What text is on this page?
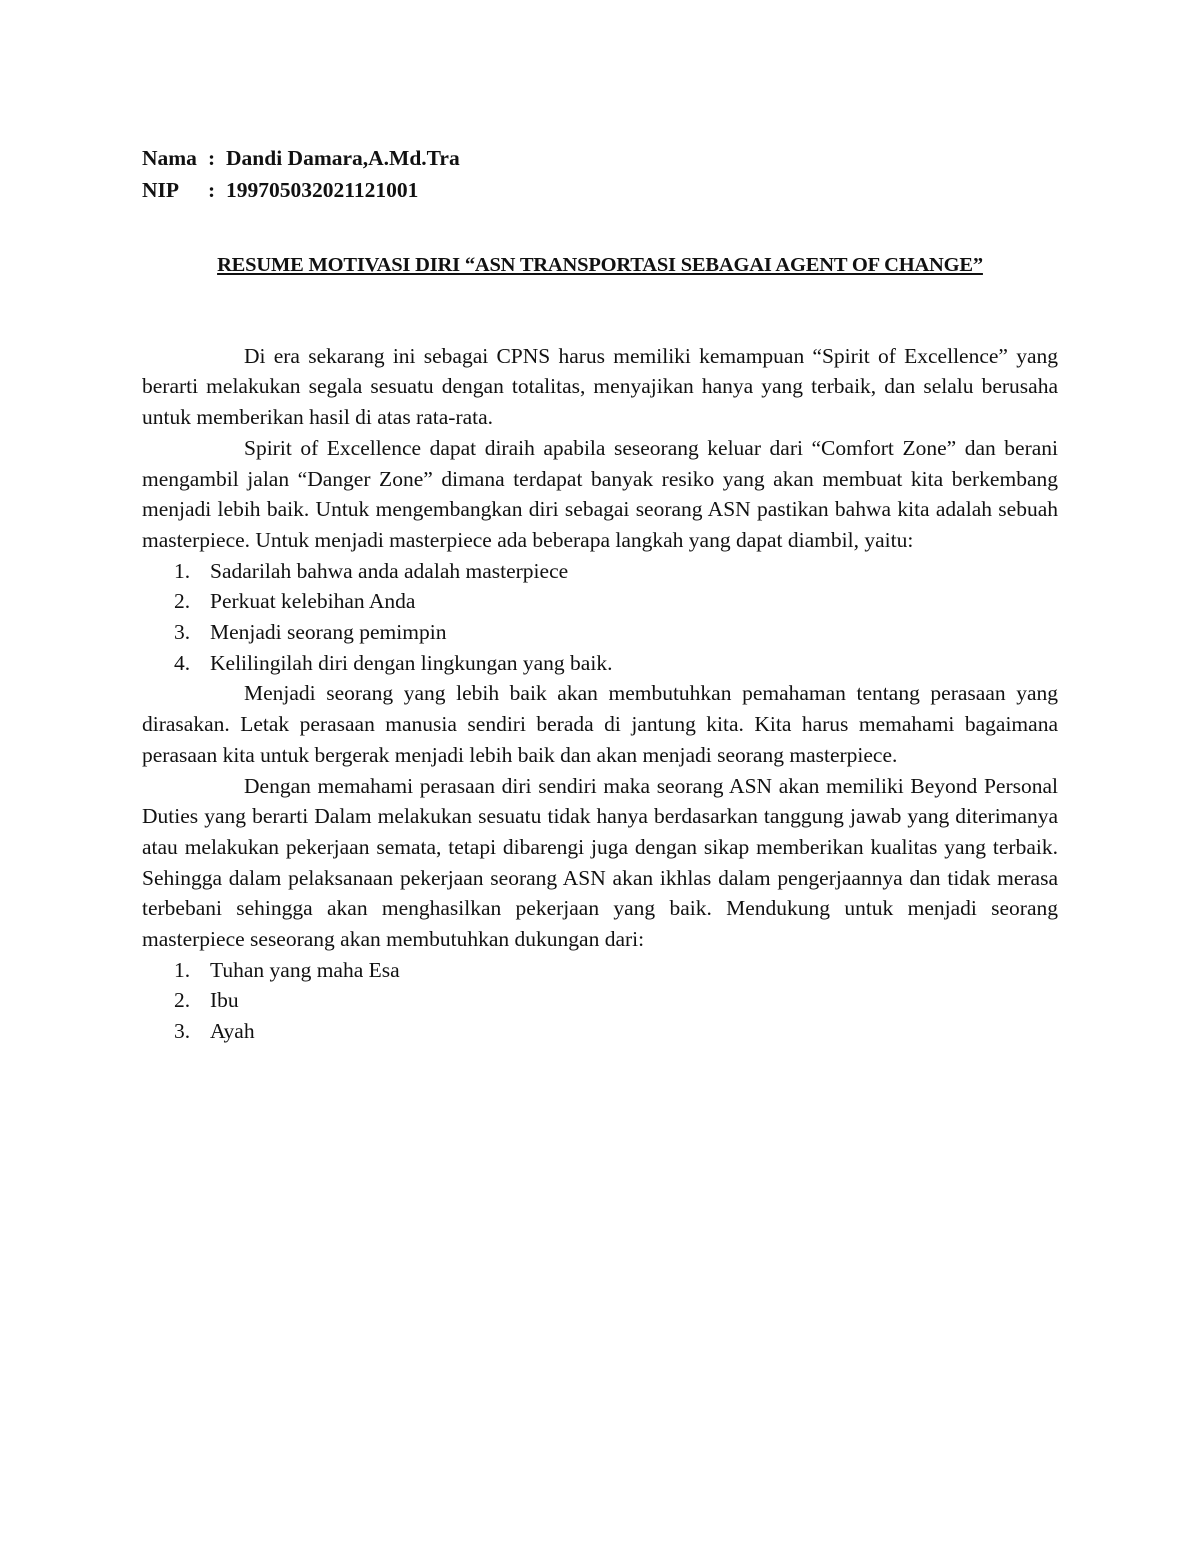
Nama : Dandi Damara,A.Md.Tra
NIP	: 199705032021121001
RESUME MOTIVASI DIRI “ASN TRANSPORTASI SEBAGAI AGENT OF CHANGE”

Di era sekarang ini sebagai CPNS harus memiliki kemampuan “Spirit of Excellence” yang berarti melakukan segala sesuatu dengan totalitas, menyajikan hanya yang terbaik, dan selalu berusaha untuk memberikan hasil di atas rata-rata.

Spirit of Excellence dapat diraih apabila seseorang keluar dari “Comfort Zone” dan berani mengambil jalan “Danger Zone” dimana terdapat banyak resiko yang akan membuat kita berkembang menjadi lebih baik. Untuk mengembangkan diri sebagai seorang ASN pastikan bahwa kita adalah sebuah masterpiece. Untuk menjadi masterpiece ada beberapa langkah yang dapat diambil, yaitu:

1. Sadarilah bahwa anda adalah masterpiece
2. Perkuat kelebihan Anda
3. Menjadi seorang pemimpin
4. Kelilingilah diri dengan lingkungan yang baik.

Menjadi seorang yang lebih baik akan membutuhkan pemahaman tentang perasaan yang dirasakan. Letak perasaan manusia sendiri berada di jantung kita. Kita harus memahami bagaimana perasaan kita untuk bergerak menjadi lebih baik dan akan menjadi seorang masterpiece.

Dengan memahami perasaan diri sendiri maka seorang ASN akan memiliki Beyond Personal Duties yang berarti Dalam melakukan sesuatu tidak hanya berdasarkan tanggung jawab yang diterimanya atau melakukan pekerjaan semata, tetapi dibarengi juga dengan sikap memberikan kualitas yang terbaik. Sehingga dalam pelaksanaan pekerjaan seorang ASN akan ikhlas dalam pengerjaannya dan tidak merasa terbebani sehingga akan menghasilkan pekerjaan yang baik. Mendukung untuk menjadi seorang masterpiece seseorang akan membutuhkan dukungan dari:

1. Tuhan yang maha Esa
2. Ibu
3. Ayah
